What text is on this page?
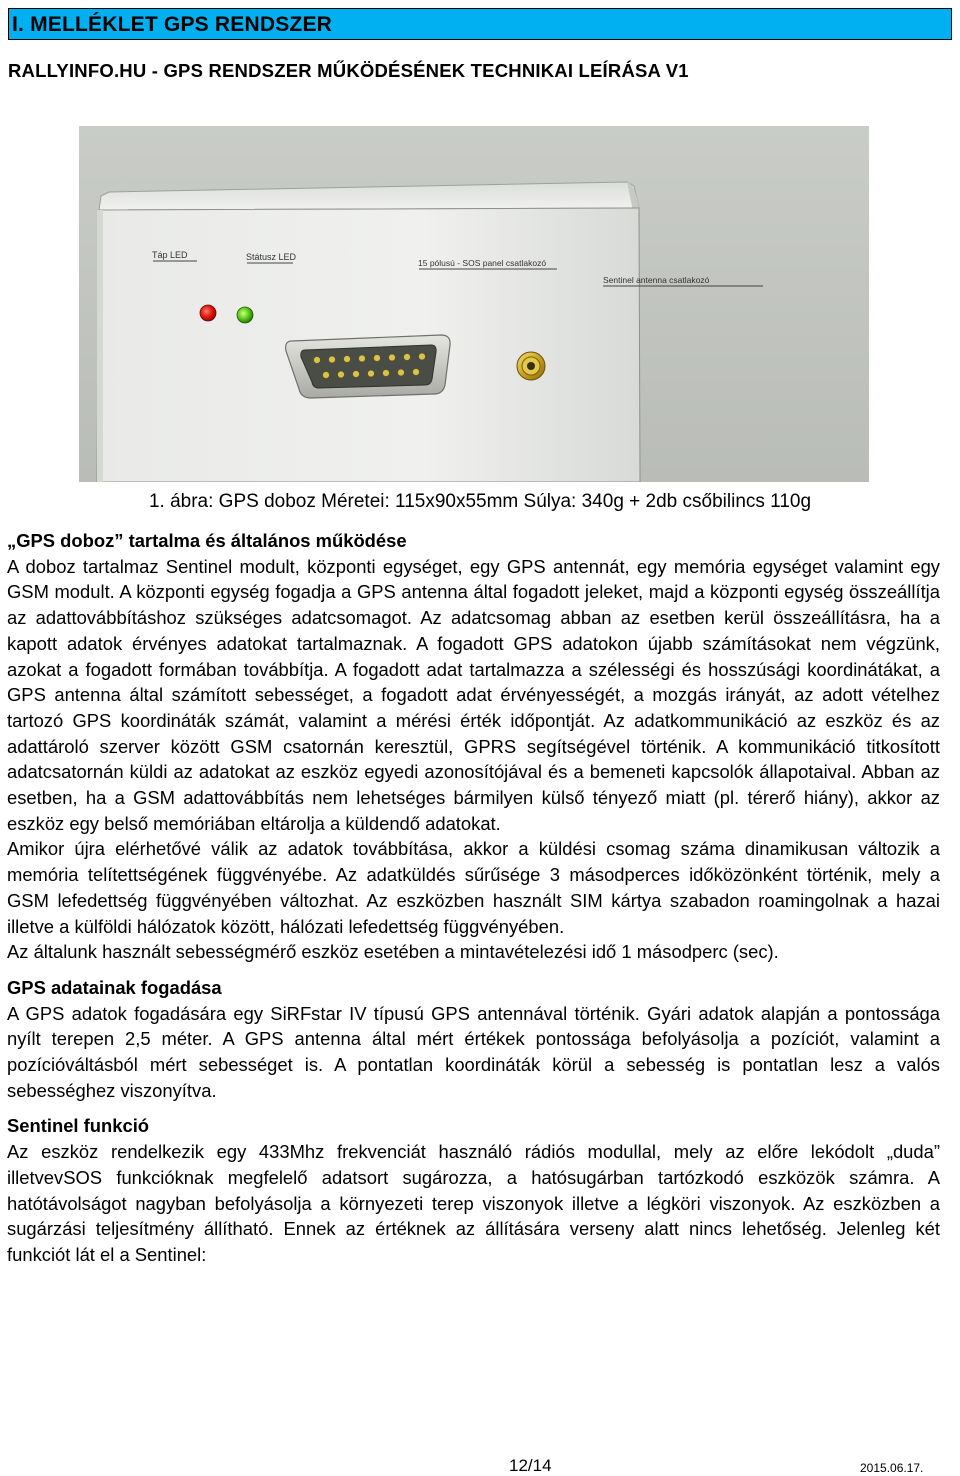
I. MELLÉKLET GPS RENDSZER
RALLYINFO.HU - GPS RENDSZER MŰKÖDÉSÉNEK TECHNIKAI LEÍRÁSA V1
Táp LED	Státusz LED
15 pólusú - SOS panel csatlakozó
Sentinel antenna csatlakozó
1. ábra: GPS doboz Méretei: 115x90x55mm Súlya: 340g + 2db csőbilincs 110g
„GPS doboz” tartalma és általános működése

A doboz tartalmaz Sentinel modult, központi egységet, egy GPS antennát, egy memória egységet valamint egy GSM modult. A központi egység fogadja a GPS antenna által fogadott jeleket, majd a központi egység összeállítja az adattovábbításhoz szükséges adatcsomagot. Az adatcsomag abban az esetben kerül összeállításra, ha a kapott adatok érvényes adatokat tartalmaznak. A fogadott GPS adatokon újabb számításokat nem végzünk, azokat a fogadott formában továbbítja. A fogadott adat tartalmazza a szélességi és hosszúsági koordinátákat, a GPS antenna által számított sebességet, a fogadott adat érvényességét, a mozgás irányát, az adott vételhez tartozó GPS koordináták számát, valamint a mérési érték időpontját. Az adatkommunikáció az eszköz és az adattároló szerver között GSM csatornán keresztül, GPRS segítségével történik. A kommunikáció titkosított adatcsatornán küldi az adatokat az eszköz egyedi azonosítójával és a bemeneti kapcsolók állapotaival. Abban az esetben, ha a GSM adattovábbítás nem lehetséges bármilyen külső tényező miatt (pl. térerő hiány), akkor az eszköz egy belső memóriában eltárolja a küldendő adatokat.

Amikor újra elérhetővé válik az adatok továbbítása, akkor a küldési csomag száma dinamikusan változik a memória telítettségének függvényébe. Az adatküldés sűrűsége 3 másodperces időközönként történik, mely a GSM lefedettség függvényében változhat. Az eszközben használt SIM kártya szabadon roamingolnak a hazai illetve a külföldi hálózatok között, hálózati lefedettség függvényében.

Az általunk használt sebességmérő eszköz esetében a mintavételezési idő 1 másodperc (sec).

GPS adatainak fogadása

A GPS adatok fogadására egy SiRFstar IV típusú GPS antennával történik. Gyári adatok alapján a pontossága nyílt terepen 2,5 méter. A GPS antenna által mért értékek pontossága befolyásolja a pozíciót, valamint a pozícióváltásból mért sebességet is. A pontatlan koordináták körül a sebesség is pontatlan lesz a valós sebességhez viszonyítva.

Sentinel funkció

Az eszköz rendelkezik egy 433Mhz frekvenciát használó rádiós modullal, mely az előre lekódolt „duda” illetvevSOS funkcióknak megfelelő adatsort sugározza, a hatósugárban tartózkodó eszközök számra. A hatótávolságot nagyban befolyásolja a környezeti terep viszonyok illetve a légköri viszonyok. Az eszközben a sugárzási teljesítmény állítható. Ennek az értéknek az állítására verseny alatt nincs lehetőség. Jelenleg két funkciót lát el a Sentinel:

12/14	2015.06.17.
